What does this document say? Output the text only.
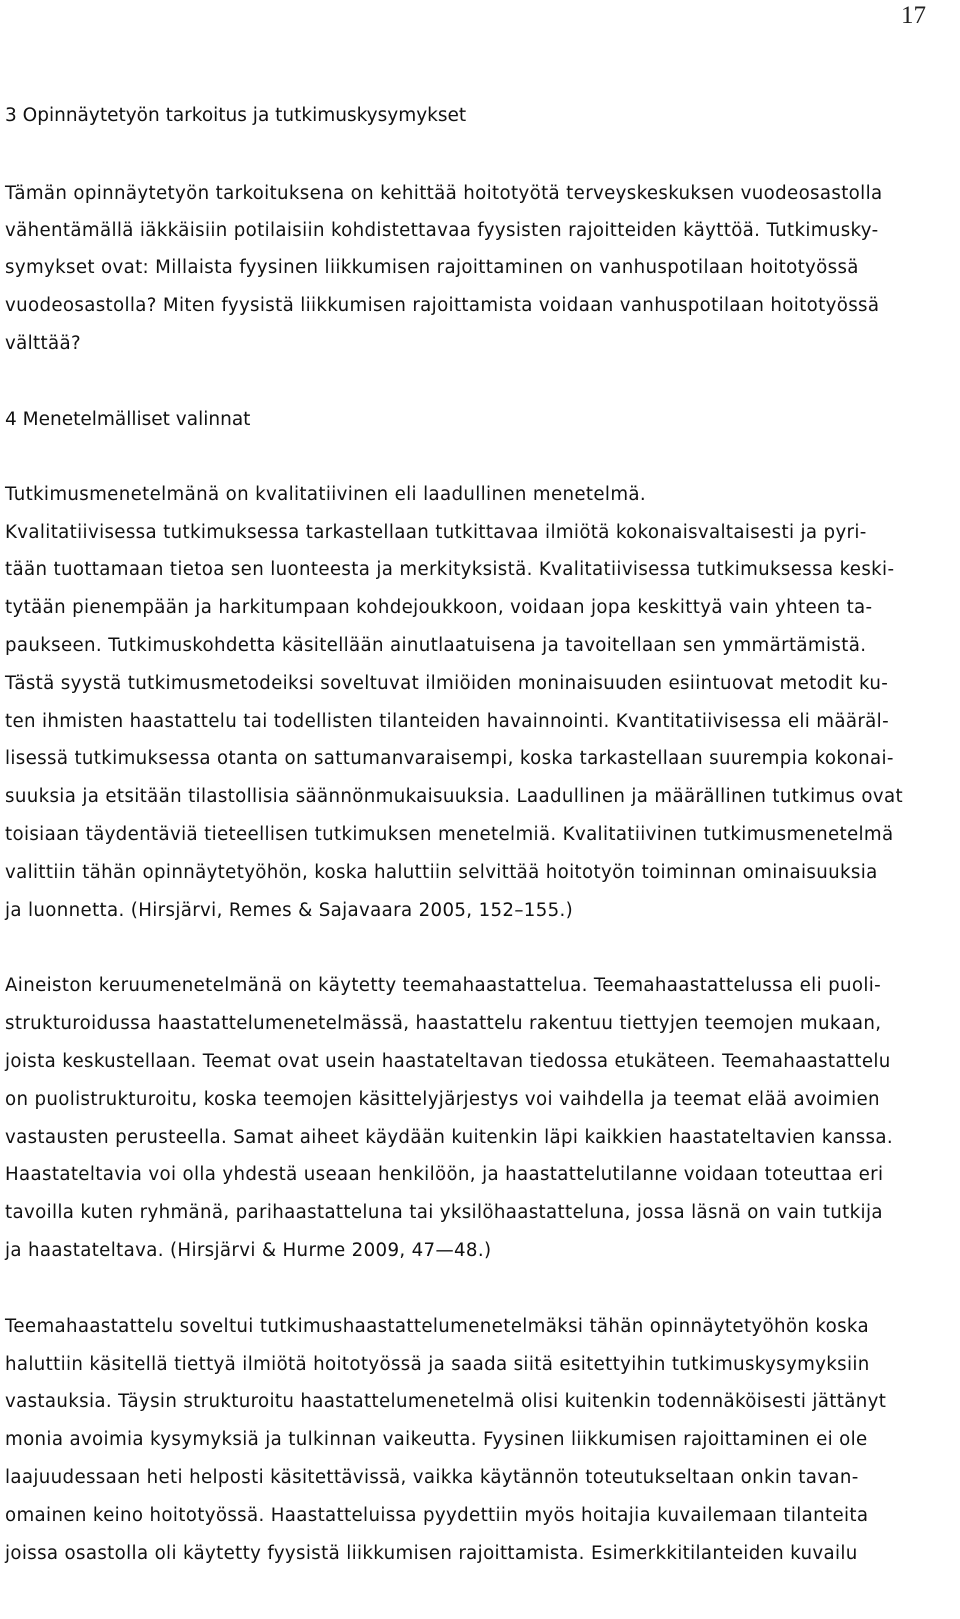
17
3 Opinnäytetyön tarkoitus ja tutkimuskysymykset
Tämän opinnäytetyön tarkoituksena on kehittää hoitotyötä terveyskeskuksen vuodeosastolla
vähentämällä iäkkäisiin potilaisiin kohdistettavaa fyysisten rajoitteiden käyttöä. Tutkimusky-
symykset ovat: Millaista fyysinen liikkumisen rajoittaminen on vanhuspotilaan hoitotyössä
vuodeosastolla? Miten fyysistä liikkumisen rajoittamista voidaan vanhuspotilaan hoitotyössä
välttää?
4 Menetelmälliset valinnat
Tutkimusmenetelmänä on kvalitatiivinen eli laadullinen menetelmä.
Kvalitatiivisessa tutkimuksessa tarkastellaan tutkittavaa ilmiötä kokonaisvaltaisesti ja pyri-
tään tuottamaan tietoa sen luonteesta ja merkityksistä. Kvalitatiivisessa tutkimuksessa keski-
tytään pienempään ja harkitumpaan kohdejoukkoon, voidaan jopa keskittyä vain yhteen ta-
paukseen. Tutkimuskohdetta käsitellään ainutlaatuisena ja tavoitellaan sen ymmärtämistä.
Tästä syystä tutkimusmetodeiksi soveltuvat ilmiöiden moninaisuuden esiintuovat metodit ku-
ten ihmisten haastattelu tai todellisten tilanteiden havainnointi. Kvantitatiivisessa eli määräl-
lisessä tutkimuksessa otanta on sattumanvaraisempi, koska tarkastellaan suurempia kokonai-
suuksia ja etsitään tilastollisia säännönmukaisuuksia. Laadullinen ja määrällinen tutkimus ovat
toisiaan täydentäviä tieteellisen tutkimuksen menetelmiä. Kvalitatiivinen tutkimusmenetelmä
valittiin tähän opinnäytetyöhön, koska haluttiin selvittää hoitotyön toiminnan ominaisuuksia
ja luonnetta. (Hirsjärvi, Remes & Sajavaara 2005, 152–155.)
Aineiston keruumenetelmänä on käytetty teemahaastattelua. Teemahaastattelussa eli puoli-
strukturoidussa haastattelumenetelmässä, haastattelu rakentuu tiettyjen teemojen mukaan,
joista keskustellaan. Teemat ovat usein haastateltavan tiedossa etukäteen. Teemahaastattelu
on puolistrukturoitu, koska teemojen käsittelyjärjestys voi vaihdella ja teemat elää avoimien
vastausten perusteella. Samat aiheet käydään kuitenkin läpi kaikkien haastateltavien kanssa.
Haastateltavia voi olla yhdestä useaan henkilöön, ja haastattelutilanne voidaan toteuttaa eri
tavoilla kuten ryhmänä, parihaastatteluna tai yksilöhaastatteluna, jossa läsnä on vain tutkija
ja haastateltava. (Hirsjärvi & Hurme 2009, 47—48.)
Teemahaastattelu soveltui tutkimushaastattelumenetelmäksi tähän opinnäytetyöhön koska
haluttiin käsitellä tiettyä ilmiötä hoitotyössä ja saada siitä esitettyihin tutkimuskysymyksiin
vastauksia. Täysin strukturoitu haastattelumenetelmä olisi kuitenkin todennäköisesti jättänyt
monia avoimia kysymyksiä ja tulkinnan vaikeutta. Fyysinen liikkumisen rajoittaminen ei ole
laajuudessaan heti helposti käsitettävissä, vaikka käytännön toteutukseltaan onkin tavan-
omainen keino hoitotyössä. Haastatteluissa pyydettiin myös hoitajia kuvailemaan tilanteita
joissa osastolla oli käytetty fyysistä liikkumisen rajoittamista. Esimerkkitilanteiden kuvailu
